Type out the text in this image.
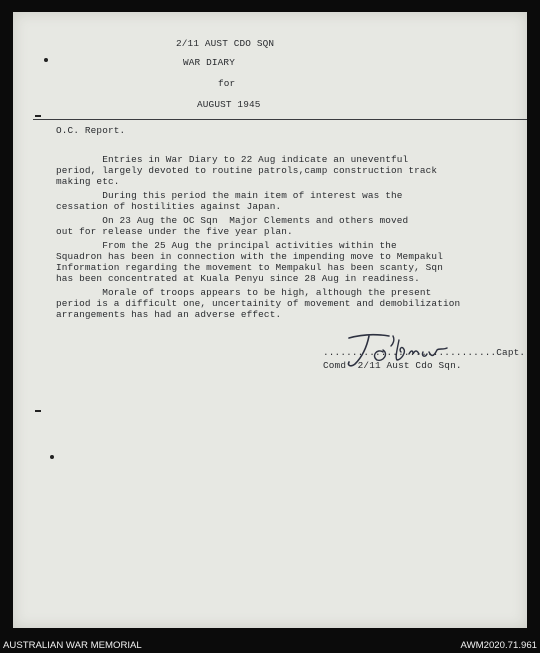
2/11 AUST CDO SQN
WAR DIARY
for
AUGUST 1945
O.C. Report.
Entries in War Diary to 22 Aug indicate an uneventful
period, largely devoted to routine patrols,camp construction track
making etc.
During this period the main item of interest was the
cessation of hostilities against Japan.
On 23 Aug the OC Sqn  Major Clements and others moved
out for release under the five year plan.
From the 25 Aug the principal activities within the
Squadron has been in connection with the impending move to Mempakul
Information regarding the movement to Mempakul has been scanty, Sqn
has been concentrated at Kuala Penyu since 28 Aug in readiness.
Morale of troops appears to be high, although the present
period is a difficult one, uncertainity of movement and demobilization
arrangements has had an adverse effect.
..............................Capt.
Comd  2/11 Aust Cdo Sqn.
AUSTRALIAN WAR MEMORIAL	AWM2020.71.961
